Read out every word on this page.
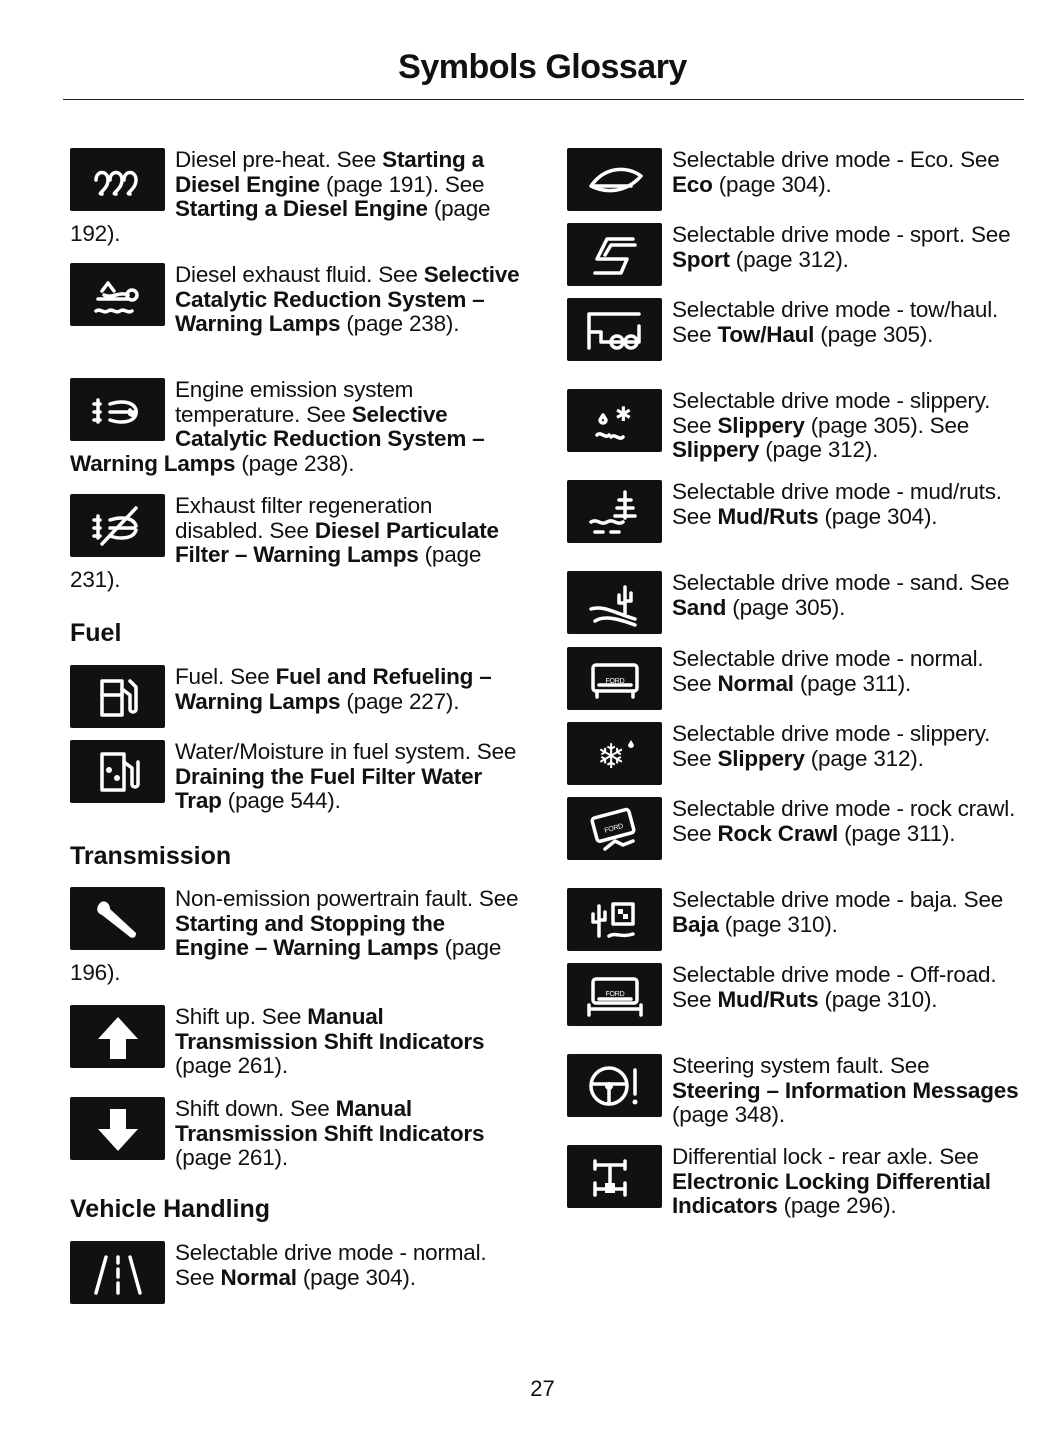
Symbols Glossary
Fuel
Transmission
Vehicle Handling
Diesel pre-heat. See Starting a Diesel Engine (page 191). See Starting a Diesel Engine (page 192).
Diesel exhaust fluid. See Selective Catalytic Reduction System – Warning Lamps (page 238).
Engine emission system temperature. See Selective Catalytic Reduction System – Warning Lamps (page 238).
Exhaust filter regeneration disabled. See Diesel Particulate Filter – Warning Lamps (page 231).
Fuel. See Fuel and Refueling – Warning Lamps (page 227).
Water/Moisture in fuel system. See Draining the Fuel Filter Water Trap (page 544).
Non-emission powertrain fault. See Starting and Stopping the Engine – Warning Lamps (page 196).
Shift up. See Manual Transmission Shift Indicators (page 261).
Shift down. See Manual Transmission Shift Indicators (page 261).
Selectable drive mode - normal. See Normal (page 304).
Selectable drive mode - Eco. See Eco (page 304).
Selectable drive mode - sport. See Sport (page 312).
Selectable drive mode - tow/haul. See Tow/Haul (page 305).
✱
Selectable drive mode - slippery. See Slippery (page 305). See Slippery (page 312).
Selectable drive mode - mud/ruts. See Mud/Ruts (page 304).
Selectable drive mode - sand. See Sand (page 305).
FORD
Selectable drive mode - normal. See Normal (page 311).
❄
Selectable drive mode - slippery. See Slippery (page 312).
FORD
Selectable drive mode - rock crawl. See Rock Crawl (page 311).
Selectable drive mode - baja. See Baja (page 310).
FORD
Selectable drive mode - Off-road. See Mud/Ruts (page 310).
Steering system fault. See Steering – Information Messages (page 348).
Differential lock - rear axle. See Electronic Locking Differential Indicators (page 296).
27
